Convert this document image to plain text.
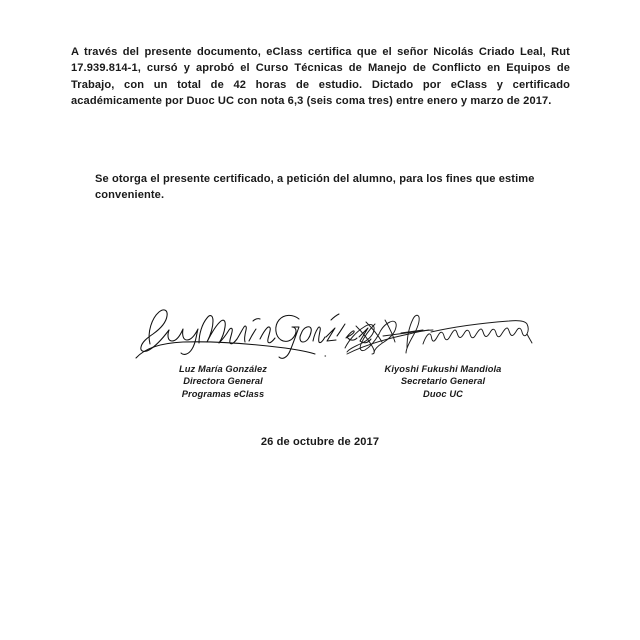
A través del presente documento, eClass certifica que el señor Nicolás Criado Leal, Rut 17.939.814-1, cursó y aprobó el Curso Técnicas de Manejo de Conflicto en Equipos de Trabajo, con un total de 42 horas de estudio. Dictado por eClass y certificado académicamente por Duoc UC con nota 6,3 (seis coma tres) entre enero y marzo de 2017.

Se otorga el presente certificado, a petición del alumno, para los fines que estime conveniente.

Luz María González
Directora General
Programas eClass
Kiyoshi Fukushi Mandiola
Secretario General
Duoc UC
26 de octubre de 2017
